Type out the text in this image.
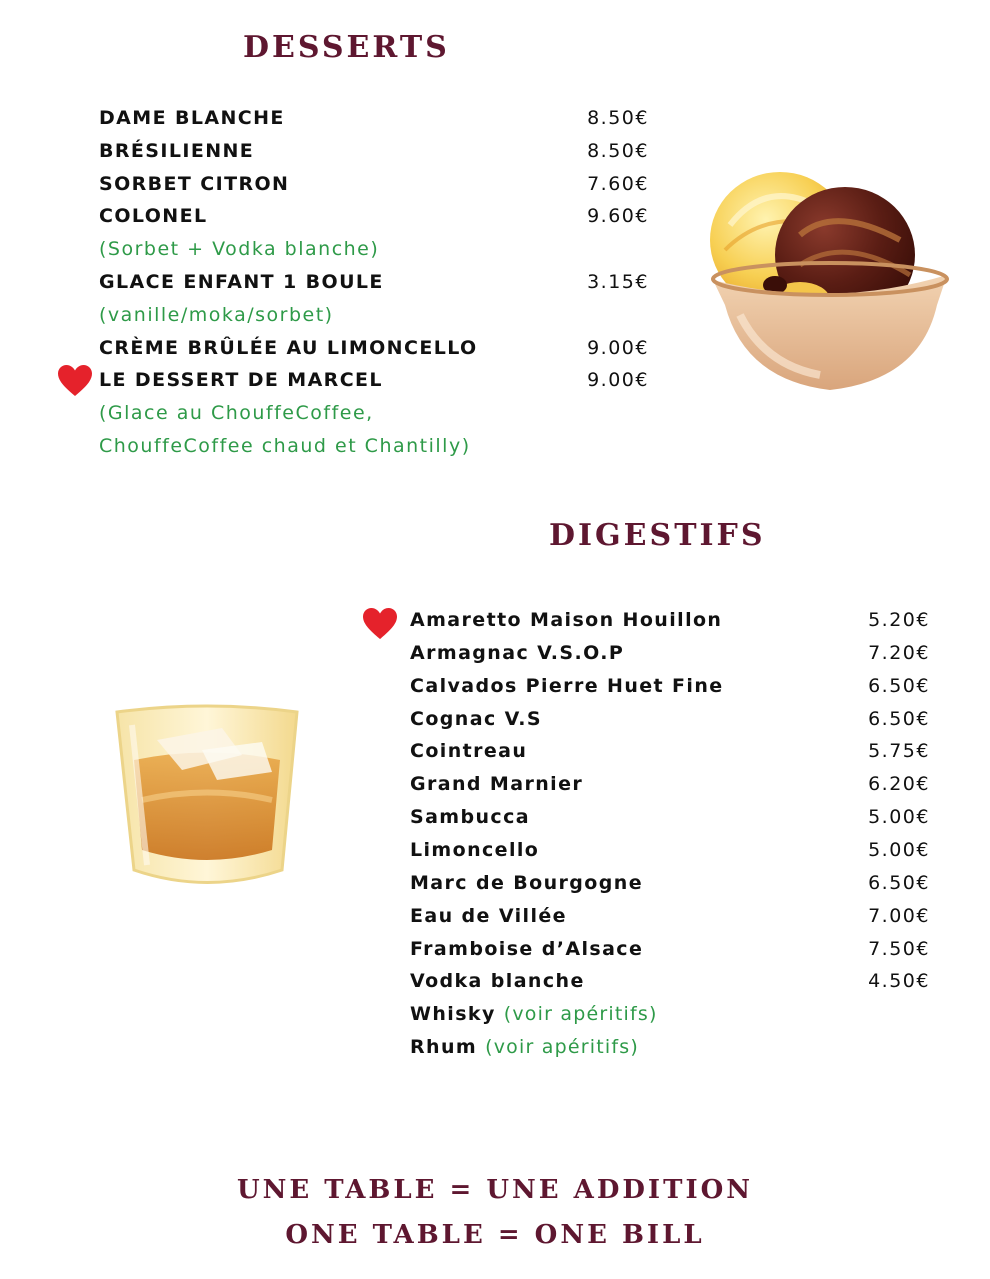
DESSERTS
DAME BLANCHE	8.50€
BRÉSILIENNE	8.50€
SORBET CITRON	7.60€
COLONEL	9.60€
(Sorbet + Vodka blanche)
GLACE ENFANT 1 BOULE	3.15€
(vanille/moka/sorbet)
CRÈME BRÛLÉE AU LIMONCELLO	9.00€
LE DESSERT DE MARCEL	9.00€
(Glace au ChouffeCoffee,
ChouffeCoffee chaud et Chantilly)
DIGESTIFS
Amaretto Maison Houillon	5.20€
Armagnac V.S.O.P	7.20€
Calvados Pierre Huet Fine	6.50€
Cognac V.S	6.50€
Cointreau	5.75€
Grand Marnier	6.20€
Sambucca	5.00€
Limoncello	5.00€
Marc de Bourgogne	6.50€
Eau de Villée	7.00€
Framboise d’Alsace	7.50€
Vodka blanche	4.50€
Whisky (voir apéritifs)
Rhum (voir apéritifs)
UNE TABLE = UNE ADDITION
ONE TABLE = ONE BILL
